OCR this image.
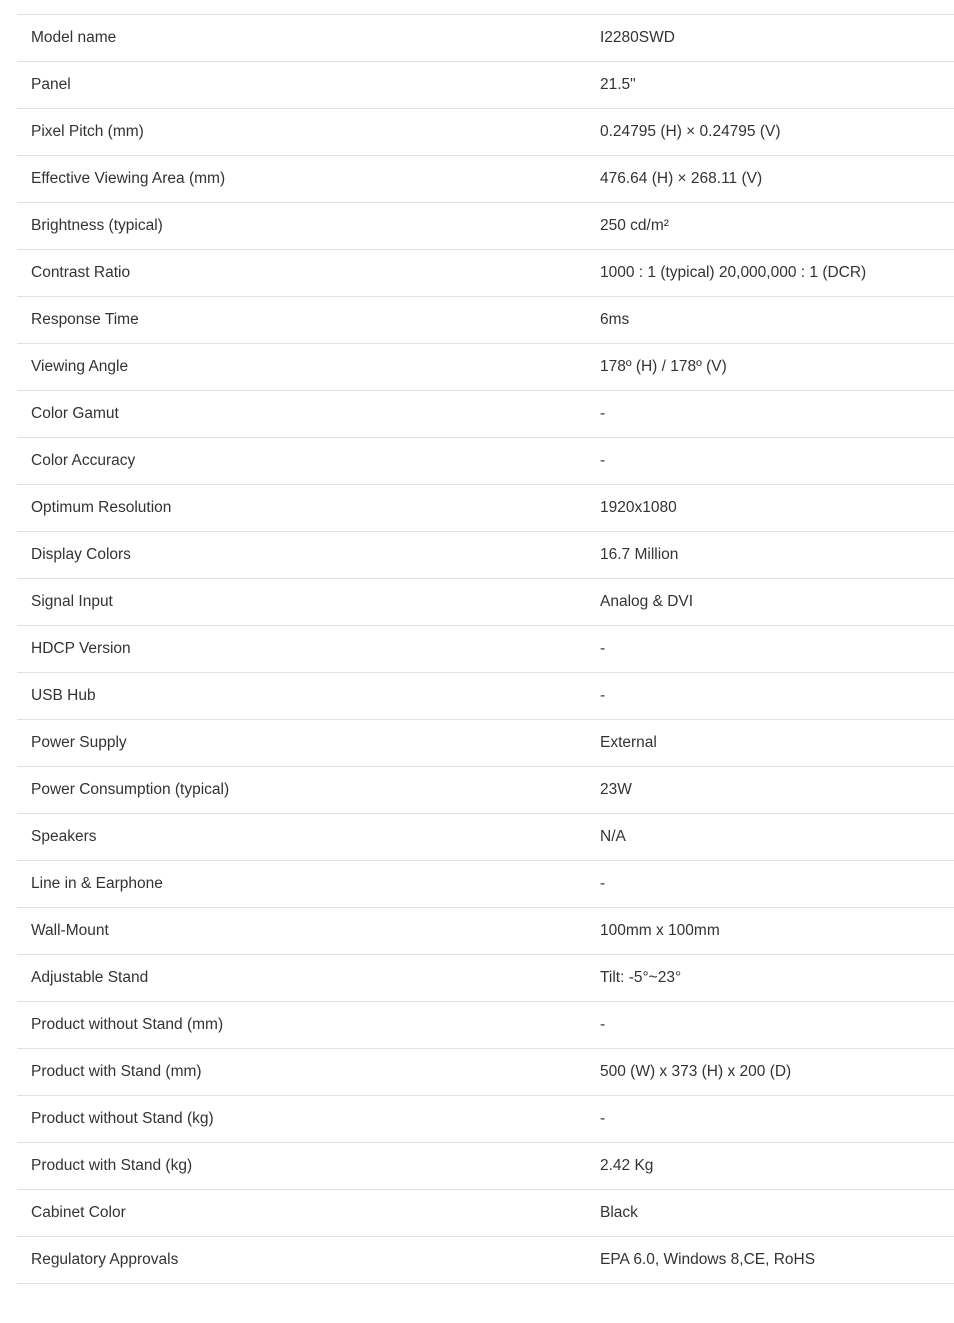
Model name	I2280SWD
Panel	21.5"
Pixel Pitch (mm)	0.24795 (H) × 0.24795 (V)
Effective Viewing Area (mm)	476.64 (H) × 268.11 (V)
Brightness (typical)	250 cd/m²
Contrast Ratio	1000 : 1 (typical) 20,000,000 : 1 (DCR)
Response Time	6ms
Viewing Angle	178º (H) / 178º (V)
Color Gamut	-
Color Accuracy	-
Optimum Resolution	1920x1080
Display Colors	16.7 Million
Signal Input	Analog & DVI
HDCP Version	-
USB Hub	-
Power Supply	External
Power Consumption (typical)	23W
Speakers	N/A
Line in & Earphone	-
Wall-Mount	100mm x 100mm
Adjustable Stand	Tilt: -5°~23°
Product without Stand (mm)	-
Product with Stand (mm)	500 (W) x 373 (H) x 200 (D)
Product without Stand (kg)	-
Product with Stand (kg)	2.42 Kg
Cabinet Color	Black
Regulatory Approvals	EPA 6.0, Windows 8,CE, RoHS
